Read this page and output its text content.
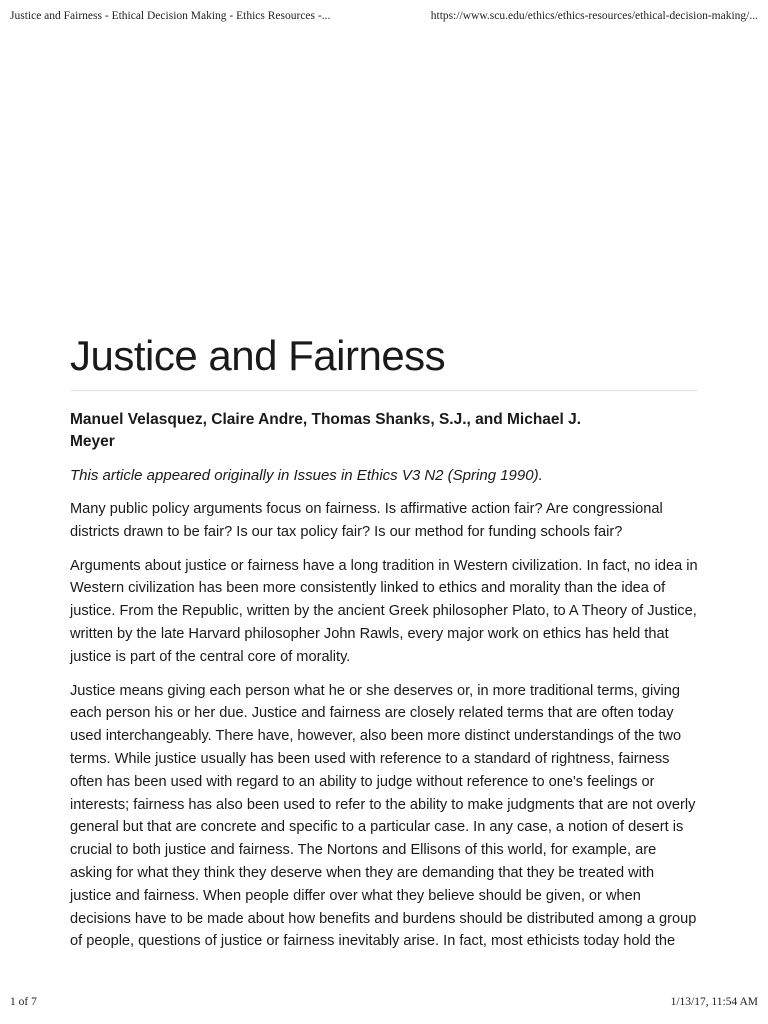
Justice and Fairness - Ethical Decision Making - Ethics Resources -...	https://www.scu.edu/ethics/ethics-resources/ethical-decision-making/...
Justice and Fairness

Manuel Velasquez, Claire Andre, Thomas Shanks, S.J., and Michael J. Meyer

This article appeared originally in Issues in Ethics V3 N2 (Spring 1990).

Many public policy arguments focus on fairness. Is affirmative action fair? Are congressional districts drawn to be fair? Is our tax policy fair? Is our method for funding schools fair?

Arguments about justice or fairness have a long tradition in Western civilization. In fact, no idea in Western civilization has been more consistently linked to ethics and morality than the idea of justice. From the Republic, written by the ancient Greek philosopher Plato, to A Theory of Justice, written by the late Harvard philosopher John Rawls, every major work on ethics has held that justice is part of the central core of morality.

Justice means giving each person what he or she deserves or, in more traditional terms, giving each person his or her due. Justice and fairness are closely related terms that are often today used interchangeably. There have, however, also been more distinct understandings of the two terms. While justice usually has been used with reference to a standard of rightness, fairness often has been used with regard to an ability to judge without reference to one's feelings or interests; fairness has also been used to refer to the ability to make judgments that are not overly general but that are concrete and specific to a particular case. In any case, a notion of desert is crucial to both justice and fairness. The Nortons and Ellisons of this world, for example, are asking for what they think they deserve when they are demanding that they be treated with justice and fairness. When people differ over what they believe should be given, or when decisions have to be made about how benefits and burdens should be distributed among a group of people, questions of justice or fairness inevitably arise. In fact, most ethicists today hold the

1 of 7	1/13/17, 11:54 AM
